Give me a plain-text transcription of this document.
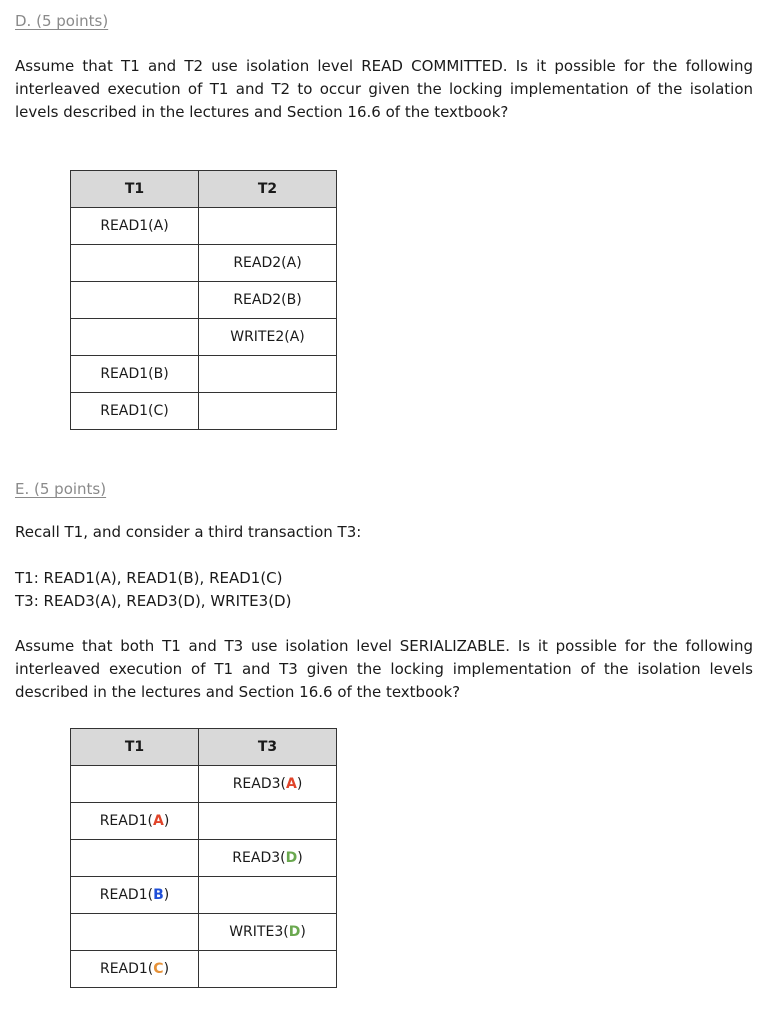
D. (5 points)
Assume that T1 and T2 use isolation level READ COMMITTED. Is it possible for the following interleaved execution of T1 and T2 to occur given the locking implementation of the isolation levels described in the lectures and Section 16.6 of the textbook?
T1	T2
READ1(A)	
	READ2(A)
	READ2(B)
	WRITE2(A)
READ1(B)	
READ1(C)	
E. (5 points)
Recall T1, and consider a third transaction T3:
T1: READ1(A), READ1(B), READ1(C)
T3: READ3(A), READ3(D), WRITE3(D)
Assume that both T1 and T3 use isolation level SERIALIZABLE. Is it possible for the following interleaved execution of T1 and T3 given the locking implementation of the isolation levels described in the lectures and Section 16.6 of the textbook?
T1	T3
	READ3(A)
READ1(A)	
	READ3(D)
READ1(B)	
	WRITE3(D)
READ1(C)	
